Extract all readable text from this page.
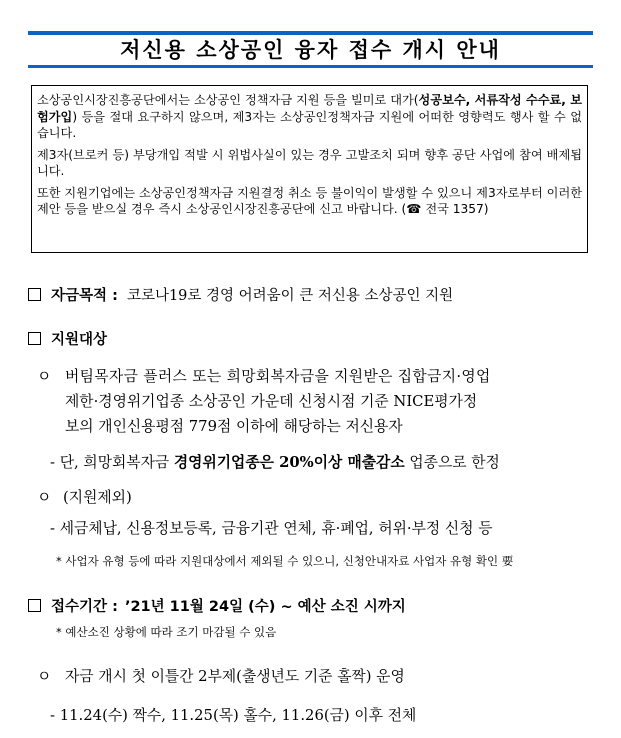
저신용 소상공인 융자 접수 개시 안내

소상공인시장진흥공단에서는 소상공인 정책자금 지원 등을 빌미로 대가(성공보수, 서류작성 수수료, 보험가입) 등을 절대 요구하지 않으며, 제3자는 소상공인정책자금 지원에 어떠한 영향력도 행사 할 수 없습니다.

제3자(브로커 등) 부당개입 적발 시 위법사실이 있는 경우 고발조치 되며 향후 공단 사업에 참여 배제됩니다.

또한 지원기업에는 소상공인정책자금 지원결정 취소 등 불이익이 발생할 수 있으니 제3자로부터 이러한 제안 등을 받으실 경우 즉시 소상공인시장진흥공단에 신고 바랍니다. (☎ 전국 1357)

자금목적 : 코로나19로 경영 어려움이 큰 저신용 소상공인 지원
지원대상
ㅇ 버팀목자금 플러스 또는 희망회복자금을 지원받은 집합금지·영업
제한·경영위기업종 소상공인 가운데 신청시점 기준 NICE평가정
보의 개인신용평점 779점 이하에 해당하는 저신용자
- 단, 희망회복자금 경영위기업종은 20%이상 매출감소 업종으로 한정
ㅇ (지원제외)
- 세금체납, 신용정보등록, 금융기관 연체, 휴·폐업, 허위·부정 신청 등
* 사업자 유형 등에 따라 지원대상에서 제외될 수 있으니, 신청안내자료 사업자 유형 확인 要
접수기간 : ’21년 11월 24일 (수) ~ 예산 소진 시까지
* 예산소진 상황에 따라 조기 마감될 수 있음
ㅇ 자금 개시 첫 이틀간 2부제(출생년도 기준 홀짝) 운영
- 11.24(수) 짝수, 11.25(목) 홀수, 11.26(금) 이후 전체
